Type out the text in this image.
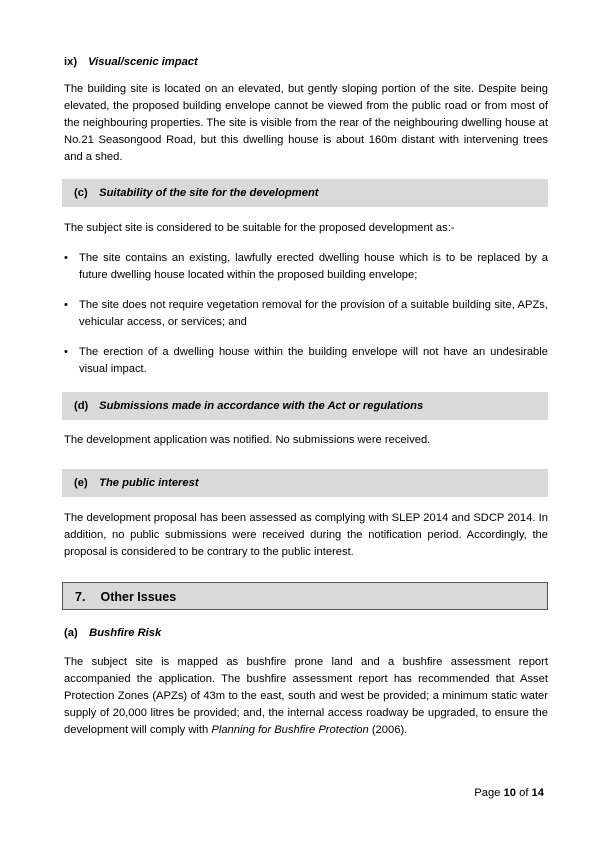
ix) Visual/scenic impact

The building site is located on an elevated, but gently sloping portion of the site. Despite being elevated, the proposed building envelope cannot be viewed from the public road or from most of the neighbouring properties. The site is visible from the rear of the neighbouring dwelling house at No.21 Seasongood Road, but this dwelling house is about 160m distant with intervening trees and a shed.

(c) Suitability of the site for the development

The subject site is considered to be suitable for the proposed development as:-

• The site contains an existing, lawfully erected dwelling house which is to be replaced by a future dwelling house located within the proposed building envelope;
• The site does not require vegetation removal for the provision of a suitable building site, APZs, vehicular access, or services; and
• The erection of a dwelling house within the building envelope will not have an undesirable visual impact.
(d) Submissions made in accordance with the Act or regulations

The development application was notified. No submissions were received.

(e) The public interest

The development proposal has been assessed as complying with SLEP 2014 and SDCP 2014. In addition, no public submissions were received during the notification period. Accordingly, the proposal is considered to be contrary to the public interest.

7. Other Issues
(a) Bushfire Risk

The subject site is mapped as bushfire prone land and a bushfire assessment report accompanied the application. The bushfire assessment report has recommended that Asset Protection Zones (APZs) of 43m to the east, south and west be provided; a minimum static water supply of 20,000 litres be provided; and, the internal access roadway be upgraded, to ensure the development will comply with Planning for Bushfire Protection (2006).

Page 10 of 14
